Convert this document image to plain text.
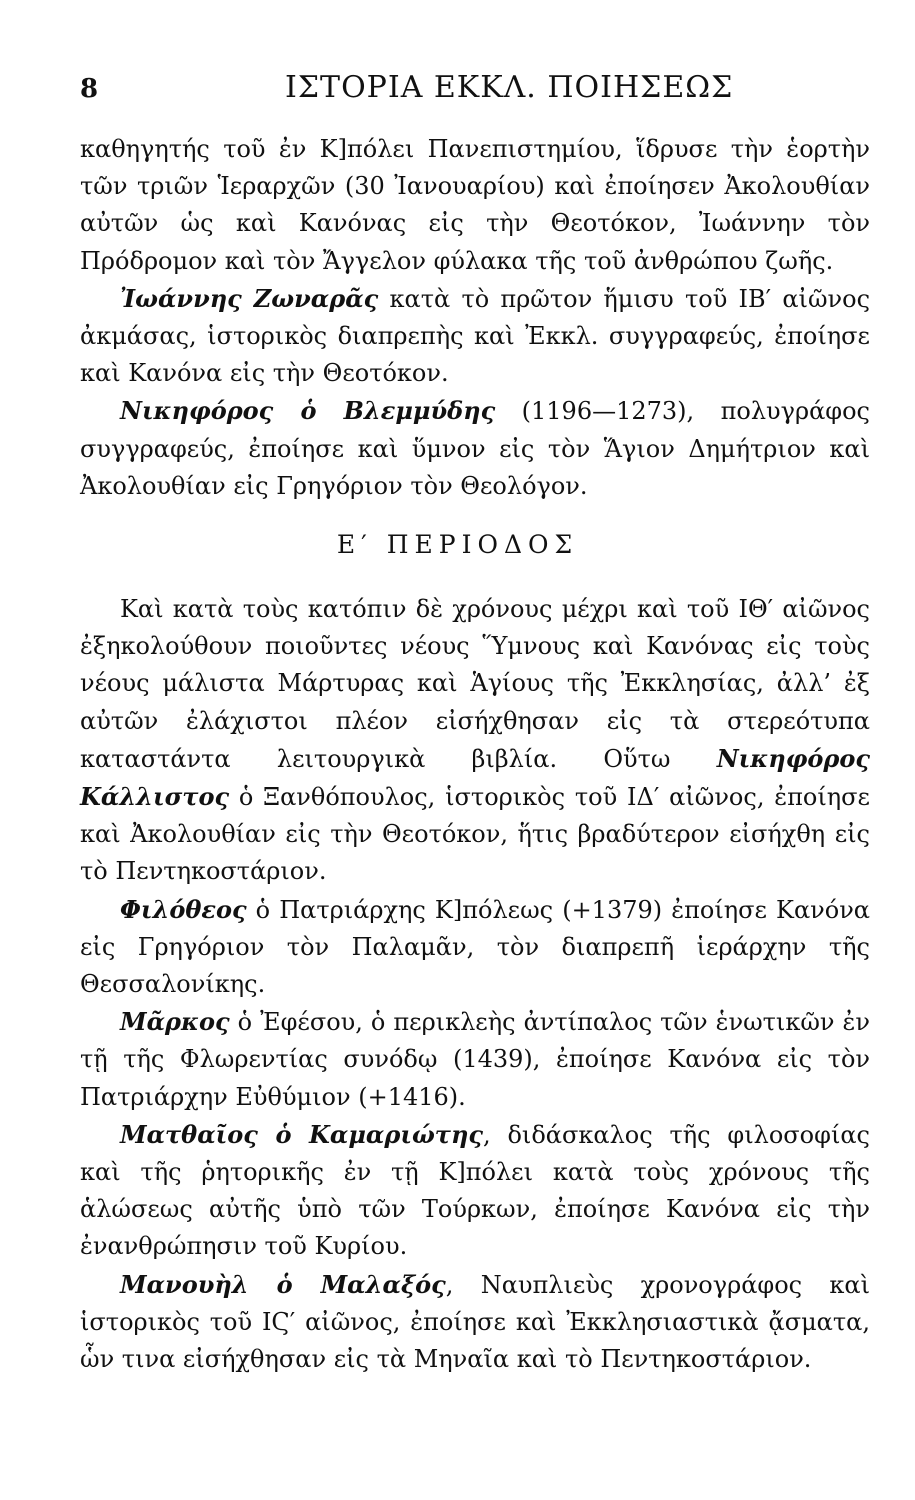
8	ΙΣΤΟΡΙΑ ΕΚΚΛ. ΠΟΙΗΣΕΩΣ

καθηγητής τοῦ ἐν Κ]πόλει Πανεπιστημίου, ἵδρυσε τὴν ἑορτὴν τῶν τριῶν Ἱεραρχῶν (30 Ἰανουαρίου) καὶ ἐποίησεν Ἀκολουθίαν αὐτῶν ὡς καὶ Κανόνας εἰς τὴν Θεοτόκον, Ἰωάννην τὸν Πρόδρομον καὶ τὸν Ἄγγελον φύλακα τῆς τοῦ ἀνθρώπου ζωῆς.

Ἰωάννης Ζωναρᾶς κατὰ τὸ πρῶτον ἥμισυ τοῦ ΙΒ′ αἰῶνος ἀκμάσας, ἱστορικὸς διαπρεπὴς καὶ Ἐκκλ. συγγραφεύς, ἐποίησε καὶ Κανόνα εἰς τὴν Θεοτόκον.

Νικηφόρος ὁ Βλεμμύδης (1196—1273), πολυγράφος συγγραφεύς, ἐποίησε καὶ ὕμνον εἰς τὸν Ἅγιον Δημήτριον καὶ Ἀκολουθίαν εἰς Γρηγόριον τὸν Θεολόγον.

Ε′ ΠΕΡΙΟΔΟΣ

Καὶ κατὰ τοὺς κατόπιν δὲ χρόνους μέχρι καὶ τοῦ ΙΘ′ αἰῶνος ἐξηκολούθουν ποιοῦντες νέους Ὕμνους καὶ Κανόνας εἰς τοὺς νέους μάλιστα Μάρτυρας καὶ Ἁγίους τῆς Ἐκκλησίας, ἀλλ’ ἐξ αὐτῶν ἐλάχιστοι πλέον εἰσήχθησαν εἰς τὰ στερεότυπα καταστάντα λειτουργικὰ βιβλία. Οὕτω Νικηφόρος Κάλλιστος ὁ Ξανθόπουλος, ἱστορικὸς τοῦ ΙΔ′ αἰῶνος, ἐποίησε καὶ Ἀκολουθίαν εἰς τὴν Θεοτόκον, ἥτις βραδύτερον εἰσήχθη εἰς τὸ Πεντηκοστάριον.

Φιλόθεος ὁ Πατριάρχης Κ]πόλεως (+1379) ἐποίησε Κανόνα εἰς Γρηγόριον τὸν Παλαμᾶν, τὸν διαπρεπῆ ἱεράρχην τῆς Θεσσαλονίκης.

Μᾶρκος ὁ Ἐφέσου, ὁ περικλεὴς ἀντίπαλος τῶν ἑνωτικῶν ἐν τῇ τῆς Φλωρεντίας συνόδῳ (1439), ἐποίησε Κανόνα εἰς τὸν Πατριάρχην Εὐθύμιον (+1416).

Ματθαῖος ὁ Καμαριώτης, διδάσκαλος τῆς φιλοσοφίας καὶ τῆς ῥητορικῆς ἐν τῇ Κ]πόλει κατὰ τοὺς χρόνους τῆς ἁλώσεως αὐτῆς ὑπὸ τῶν Τούρκων, ἐποίησε Κανόνα εἰς τὴν ἐνανθρώπησιν τοῦ Κυρίου.

Μανουὴλ ὁ Μαλαξός, Ναυπλιεὺς χρονογράφος καὶ ἱστορικὸς τοῦ ΙϚ′ αἰῶνος, ἐποίησε καὶ Ἐκκλησιαστικὰ ᾄσματα, ὧν τινα εἰσήχθησαν εἰς τὰ Μηναῖα καὶ τὸ Πεντηκοστάριον.
